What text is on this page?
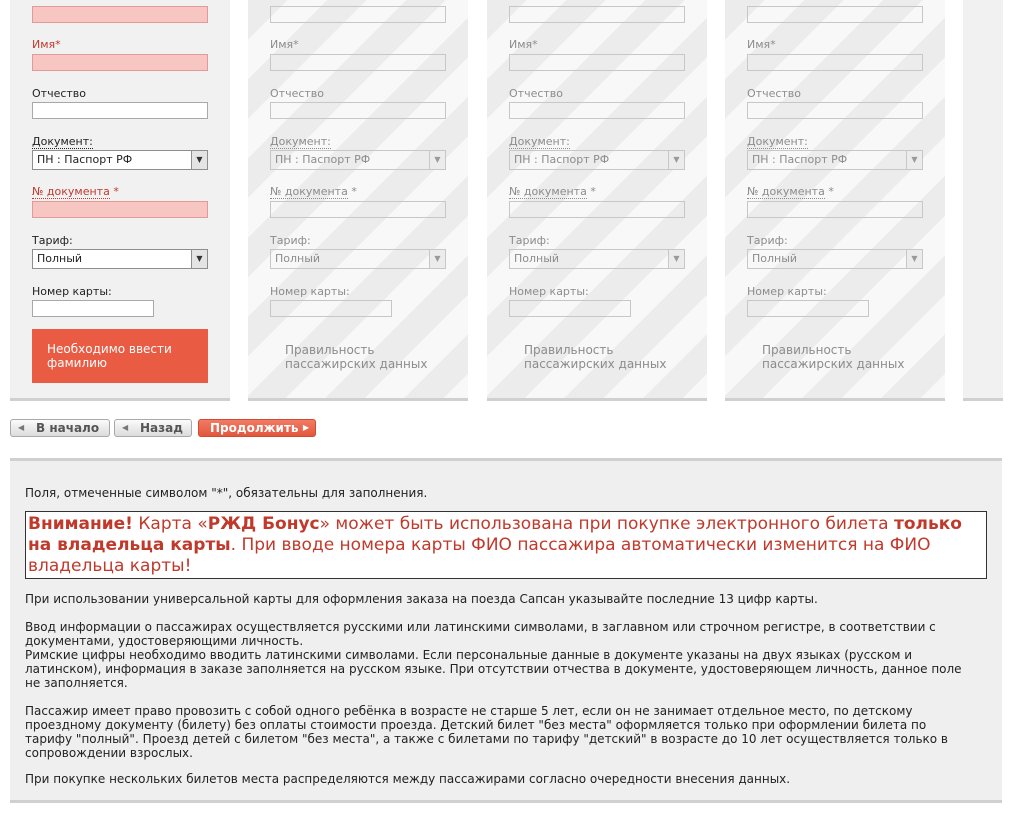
Имя*
Отчество
Документ:
ПН : Паспорт РФ	▼
№ документа *
Тариф:
Полный	▼
Номер карты:
Необходимо ввести фамилию
Имя*
Отчество
Документ:
ПН : Паспорт РФ	▼
№ документа *
Тариф:
Полный	▼
Номер карты:
Правильность пассажирских данных
Имя*
Отчество
Документ:
ПН : Паспорт РФ	▼
№ документа *
Тариф:
Полный	▼
Номер карты:
Правильность пассажирских данных
Имя*
Отчество
Документ:
ПН : Паспорт РФ	▼
№ документа *
Тариф:
Полный	▼
Номер карты:
Правильность пассажирских данных
◀ В начало	◀ Назад Продолжить ▶
Поля, отмеченные символом "*", обязательны для заполнения.
Внимание! Карта «РЖД Бонус» может быть использована при покупке электронного билета только на владельца карты. При вводе номера карты ФИО пассажира автоматически изменится на ФИО владельца карты!
При использовании универсальной карты для оформления заказа на поезда Сапсан указывайте последние 13 цифр карты.
Ввод информации о пассажирах осуществляется русскими или латинскими символами, в заглавном или строчном регистре, в соответствии с документами, удостоверяющими личность.
Римские цифры необходимо вводить латинскими символами. Если персональные данные в документе указаны на двух языках (русском и латинском), информация в заказе заполняется на русском языке. При отсутствии отчества в документе, удостоверяющем личность, данное поле не заполняется.
Пассажир имеет право провозить с собой одного ребёнка в возрасте не старше 5 лет, если он не занимает отдельное место, по детскому проездному документу (билету) без оплаты стоимости проезда. Детский билет "без места" оформляется только при оформлении билета по тарифу "полный". Проезд детей с билетом "без места", а также с билетами по тарифу "детский" в возрасте до 10 лет осуществляется только в сопровождении взрослых.
При покупке нескольких билетов места распределяются между пассажирами согласно очередности внесения данных.
